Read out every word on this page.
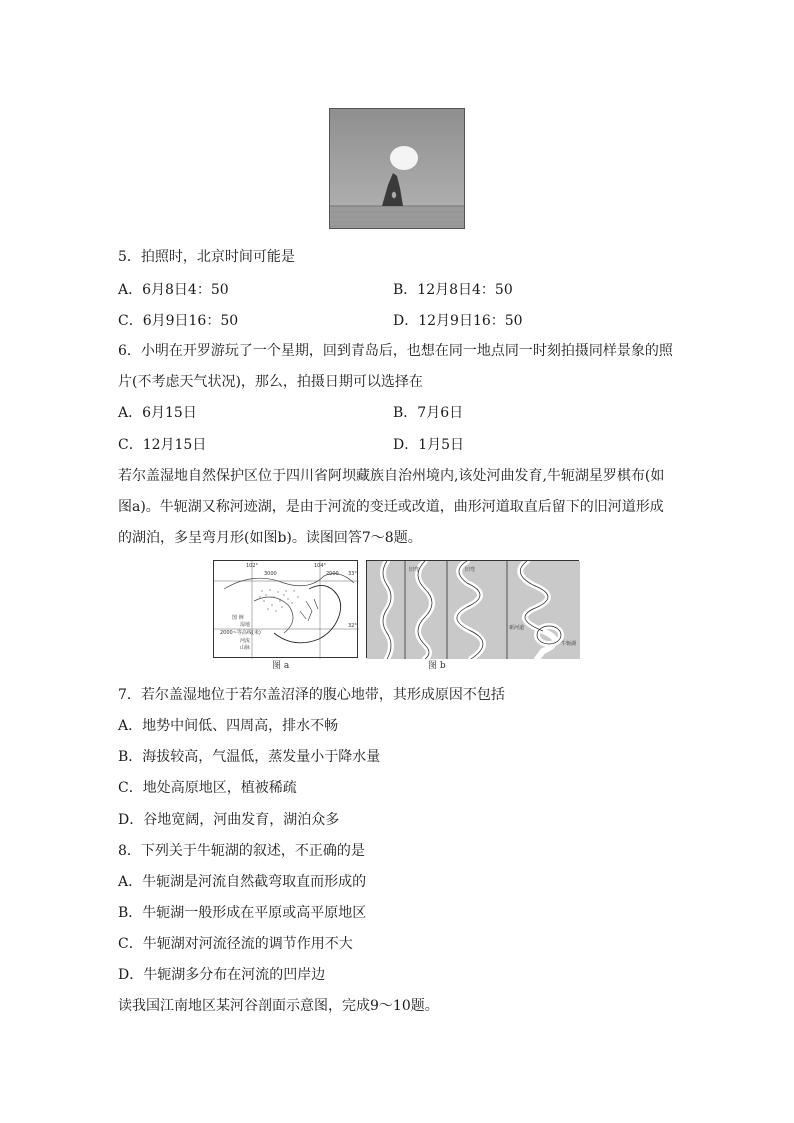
5．拍照时，北京时间可能是
A．6月8日4：50	B．12月8日4：50
C．6月9日16：50	D．12月9日16：50
6．小明在开罗游玩了一个星期，回到青岛后，也想在同一地点同一时刻拍摄同样景象的照
片(不考虑天气状况)，那么，拍摄日期可以选择在
A．6月15日	B．7月6日
C．12月15日	D．1月5日
若尔盖湿地自然保护区位于四川省阿坝藏族自治州境内,该处河曲发育,牛轭湖星罗棋布(如
图a)。牛轭湖又称河迹湖，是由于河流的变迁或改道，曲形河道取直后留下的旧河道形成
的湖泊，多呈弯月形(如图b)。读图回答7～8题。
102°	104°
33°
32°
3000	2000
图 例
湿地
2000~等高线(米)
河流
山脉
图 a
旧弯	旧弯
新河道
牛轭湖
图 b
7．若尔盖湿地位于若尔盖沼泽的腹心地带，其形成原因不包括
A．地势中间低、四周高，排水不畅
B．海拔较高，气温低，蒸发量小于降水量
C．地处高原地区，植被稀疏
D．谷地宽阔，河曲发育，湖泊众多
8．下列关于牛轭湖的叙述，不正确的是
A．牛轭湖是河流自然截弯取直而形成的
B．牛轭湖一般形成在平原或高平原地区
C．牛轭湖对河流径流的调节作用不大
D．牛轭湖多分布在河流的凹岸边
读我国江南地区某河谷剖面示意图，完成9～10题。
